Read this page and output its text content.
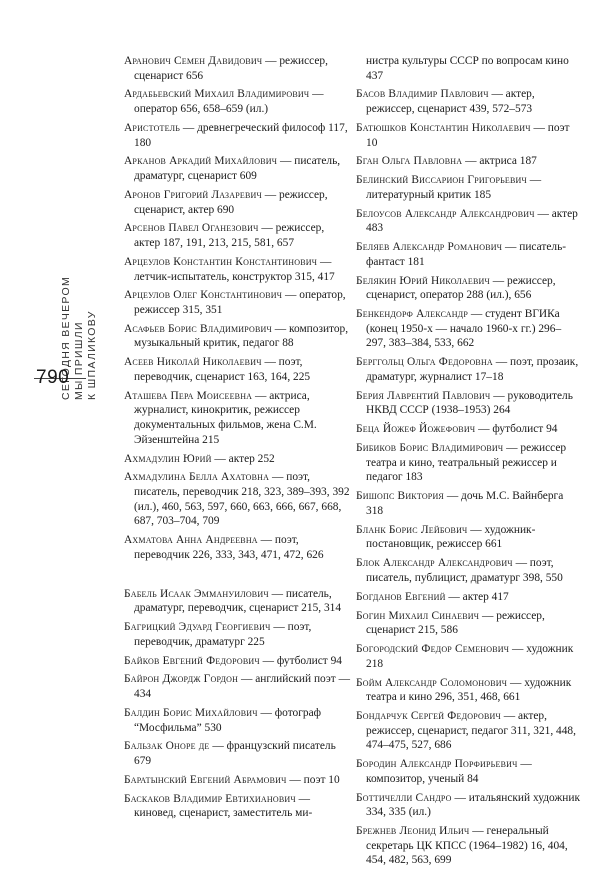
СЕГОДНЯ ВЕЧЕРОМ МЫ ПРИШЛИ К ШПАЛИКОВУ
790
Аранович Семен Давидович — режиссер, сценарист 656
Ардабьевский Михаил Владимирович — оператор 656, 658–659 (ил.)
Аристотель — древнегреческий философ 117, 180
Арканов Аркадий Михайлович — писатель, драматург, сценарист 609
Аронов Григорий Лазаревич — режиссер, сценарист, актер 690
Арсенов Павел Оганезович — режиссер, актер 187, 191, 213, 215, 581, 657
Арцеулов Константин Константинович — летчик-испытатель, конструктор 315, 417
Арцеулов Олег Константинович — оператор, режиссер 315, 351
Асафьев Борис Владимирович — композитор, музыкальный критик, педагог 88
Асеев Николай Николаевич — поэт, переводчик, сценарист 163, 164, 225
Аташева Пера Моисеевна — актриса, журналист, кинокритик, режиссер документальных фильмов, жена С.М. Эйзенштейна 215
Ахмадулин Юрий — актер 252
Ахмадулина Белла Ахатовна — поэт, писатель, переводчик 218, 323, 389–393, 392 (ил.), 460, 563, 597, 660, 663, 666, 667, 668, 687, 703–704, 709
Ахматова Анна Андреевна — поэт, переводчик 226, 333, 343, 471, 472, 626
Бабель Исаак Эммануилович — писатель, драматург, переводчик, сценарист 215, 314
Багрицкий Эдуард Георгиевич — поэт, переводчик, драматург 225
Байков Евгений Федорович — футболист 94
Байрон Джордж Гордон — английский поэт — 434
Балдин Борис Михайлович — фотограф “Мосфильма” 530
Бальзак Оноре де — французский писатель 679
Баратынский Евгений Абрамович — поэт 10
Баскаков Владимир Евтихианович — киновед, сценарист, заместитель ми-
нистра культуры СССР по вопросам кино 437
Басов Владимир Павлович — актер, режиссер, сценарист 439, 572–573
Батюшков Константин Николаевич — поэт 10
Бган Ольга Павловна — актриса 187
Белинский Виссарион Григорьевич — литературный критик 185
Белоусов Александр Александрович — актер 483
Беляев Александр Романович — писатель-фантаст 181
Белякин Юрий Николаевич — режиссер, сценарист, оператор 288 (ил.), 656
Бенкендорф Александр — студент ВГИКа (конец 1950-х — начало 1960-х гг.) 296–297, 383–384, 533, 662
Берггольц Ольга Федоровна — поэт, прозаик, драматург, журналист 17–18
Берия Лаврентий Павлович — руководитель НКВД СССР (1938–1953) 264
Беца Йожеф Йожефович — футболист 94
Бибиков Борис Владимирович — режиссер театра и кино, театральный режиссер и педагог 183
Бишопс Виктория — дочь М.С. Вайнберга 318
Бланк Борис Лейбович — художник-постановщик, режиссер 661
Блок Александр Александрович — поэт, писатель, публицист, драматург 398, 550
Богданов Евгений — актер 417
Богин Михаил Синаевич — режиссер, сценарист 215, 586
Богородский Федор Семенович — художник 218
Бойм Александр Соломонович — художник театра и кино 296, 351, 468, 661
Бондарчук Сергей Федорович — актер, режиссер, сценарист, педагог 311, 321, 448, 474–475, 527, 686
Бородин Александр Порфирьевич — композитор, ученый 84
Боттичелли Сандро — итальянский художник 334, 335 (ил.)
Брежнев Леонид Ильич — генеральный секретарь ЦК КПСС (1964–1982) 16, 404, 454, 482, 563, 699
